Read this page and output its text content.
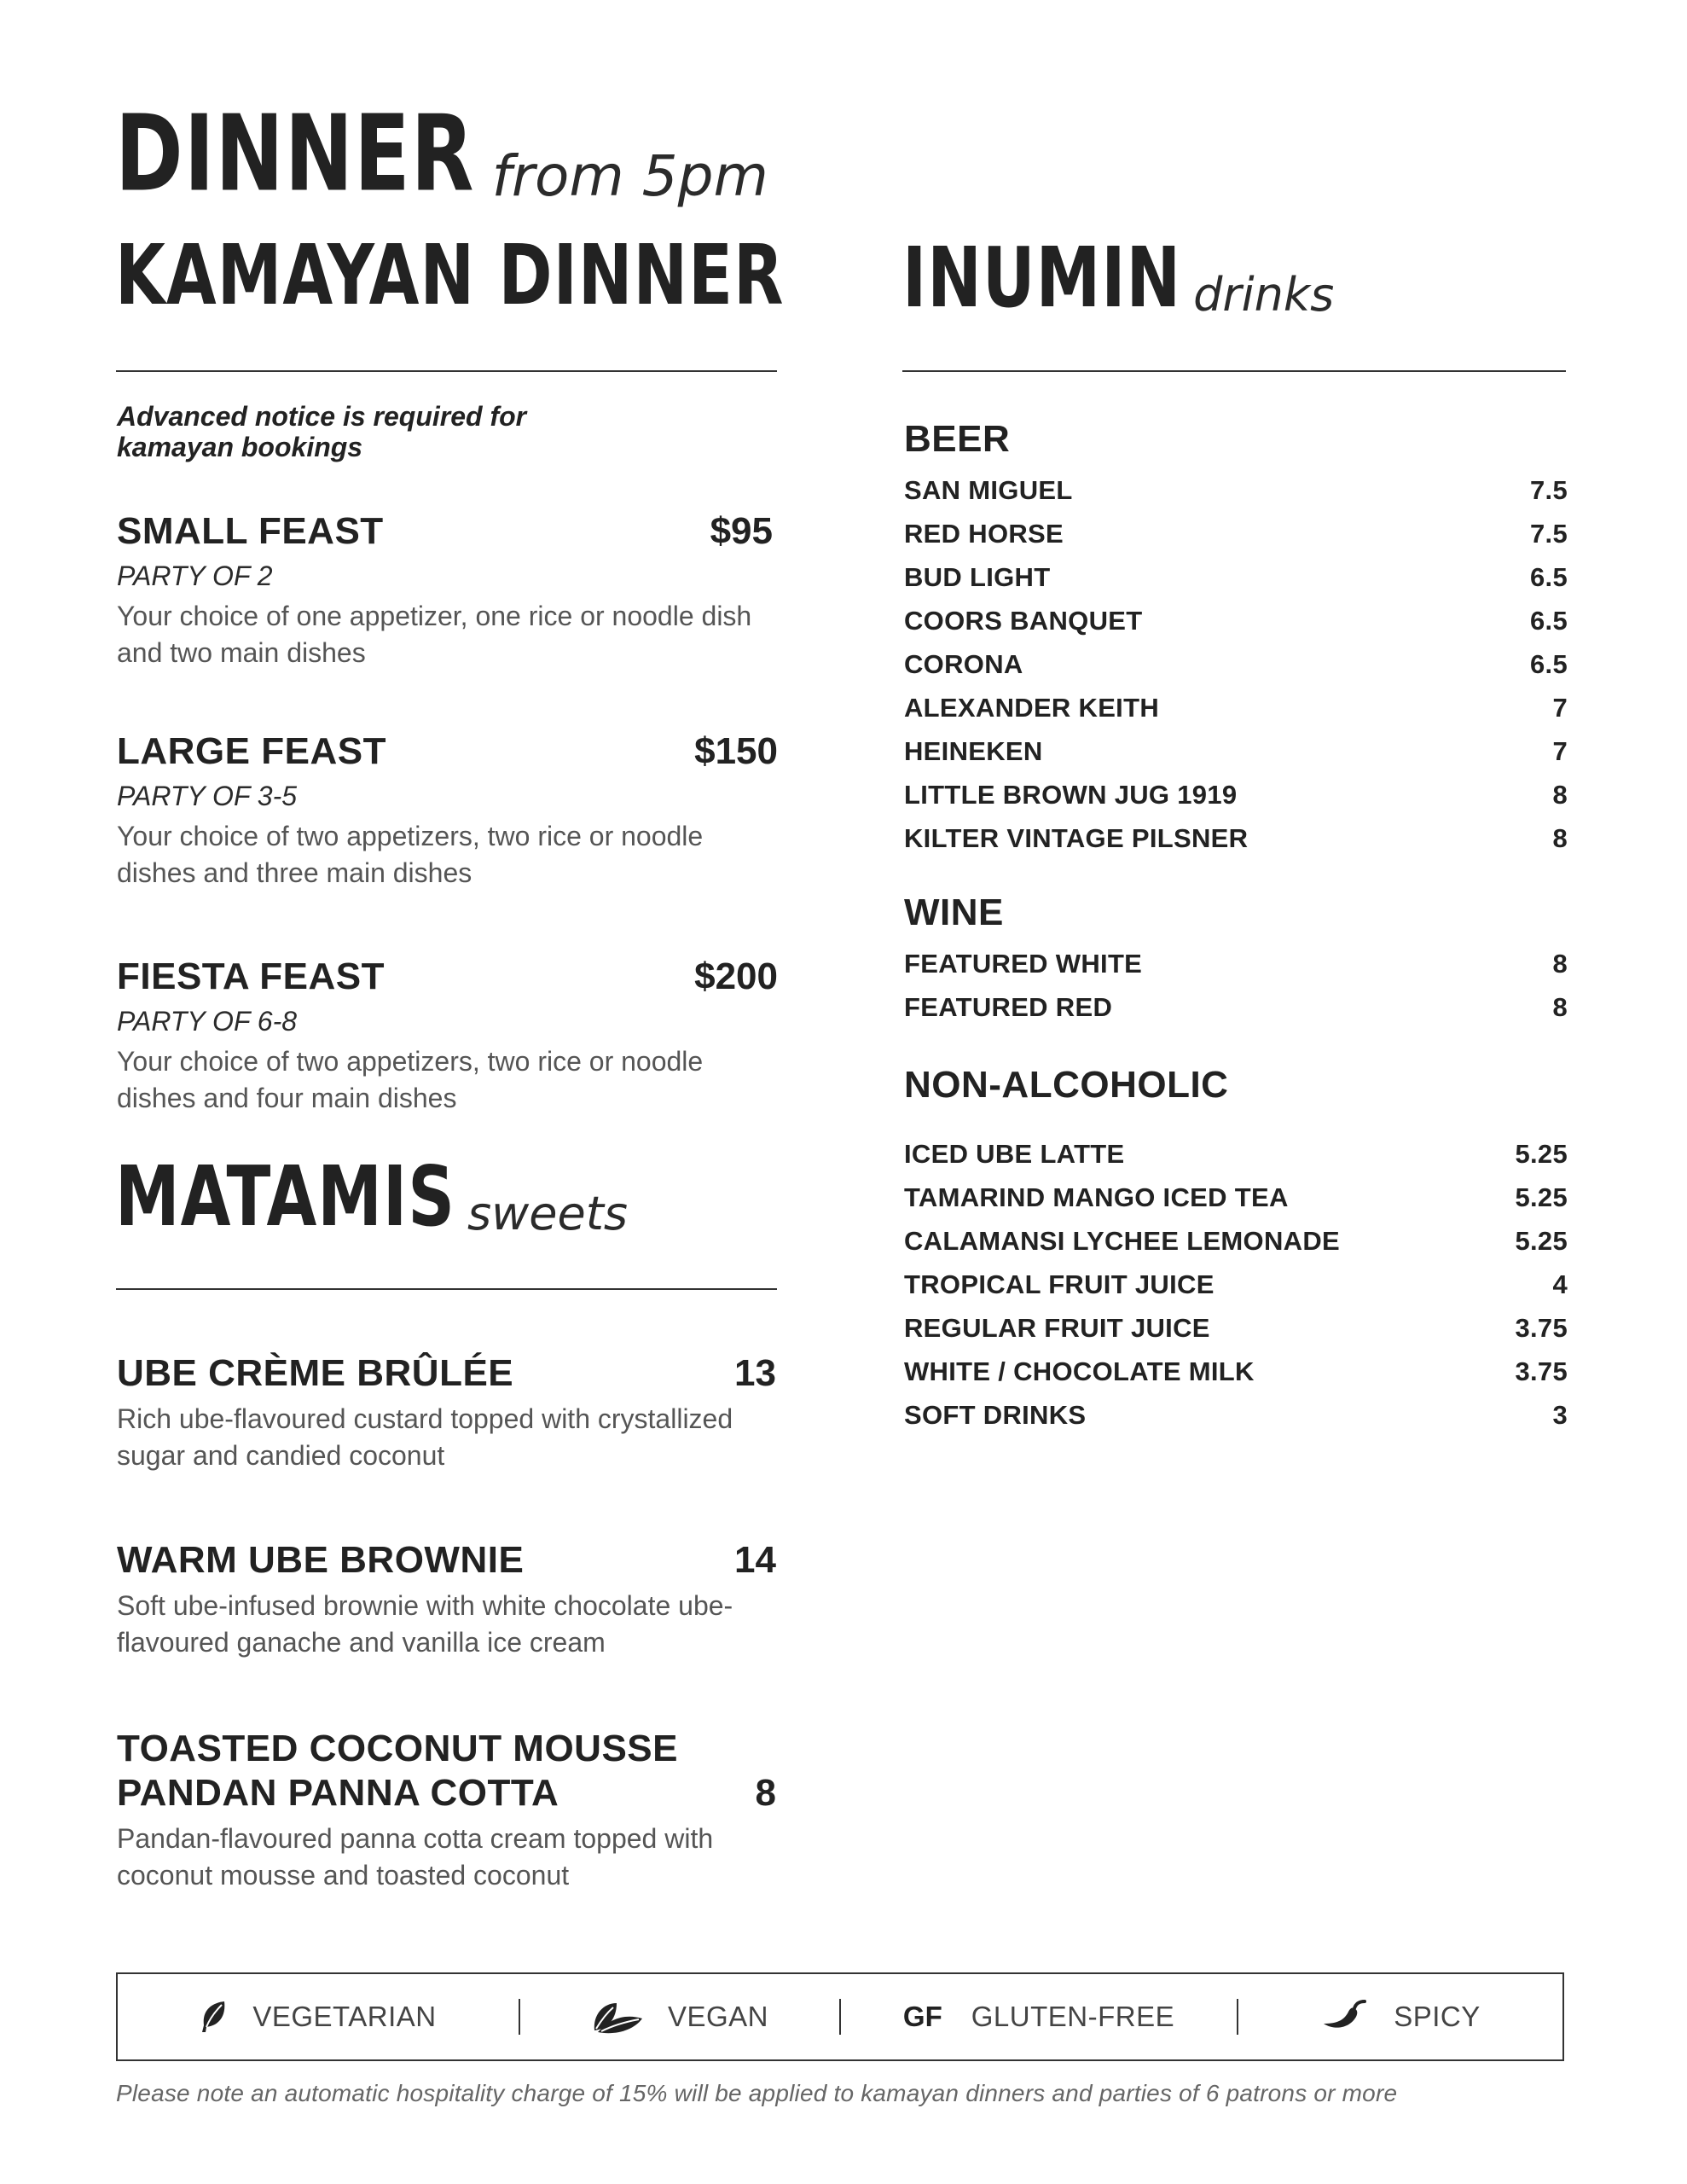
DINNER from 5pm
KAMAYAN DINNER INUMIN drinks
Advanced notice is required for kamayan bookings
SMALL FEAST	$95
PARTY OF 2
Your choice of one appetizer, one rice or noodle dish and two main dishes
LARGE FEAST	$150
PARTY OF 3-5
Your choice of two appetizers, two rice or noodle dishes and three main dishes
FIESTA FEAST	$200
PARTY OF 6-8
Your choice of two appetizers, two rice or noodle dishes and four main dishes
MATAMIS sweets
UBE CRÈME BRÛLÉE	13
Rich ube-flavoured custard topped with crystallized sugar and candied coconut
WARM UBE BROWNIE	14
Soft ube-infused brownie with white chocolate ube-flavoured ganache and vanilla ice cream
TOASTED COCONUT MOUSSE
PANDAN PANNA COTTA	8
Pandan-flavoured panna cotta cream topped with coconut mousse and toasted coconut
BEER
SAN MIGUEL	7.5
RED HORSE	7.5
BUD LIGHT	6.5
COORS BANQUET	6.5
CORONA	6.5
ALEXANDER KEITH	7
HEINEKEN	7
LITTLE BROWN JUG 1919	8
KILTER VINTAGE PILSNER	8
WINE
FEATURED WHITE	8
FEATURED RED	8
NON-ALCOHOLIC
ICED UBE LATTE	5.25
TAMARIND MANGO ICED TEA	5.25
CALAMANSI LYCHEE LEMONADE	5.25
TROPICAL FRUIT JUICE	4
REGULAR FRUIT JUICE	3.75
WHITE / CHOCOLATE MILK	3.75
SOFT DRINKS	3
VEGETARIAN	VEGAN	GF GLUTEN-FREE	SPICY
Please note an automatic hospitality charge of 15% will be applied to kamayan dinners and parties of 6 patrons or more
